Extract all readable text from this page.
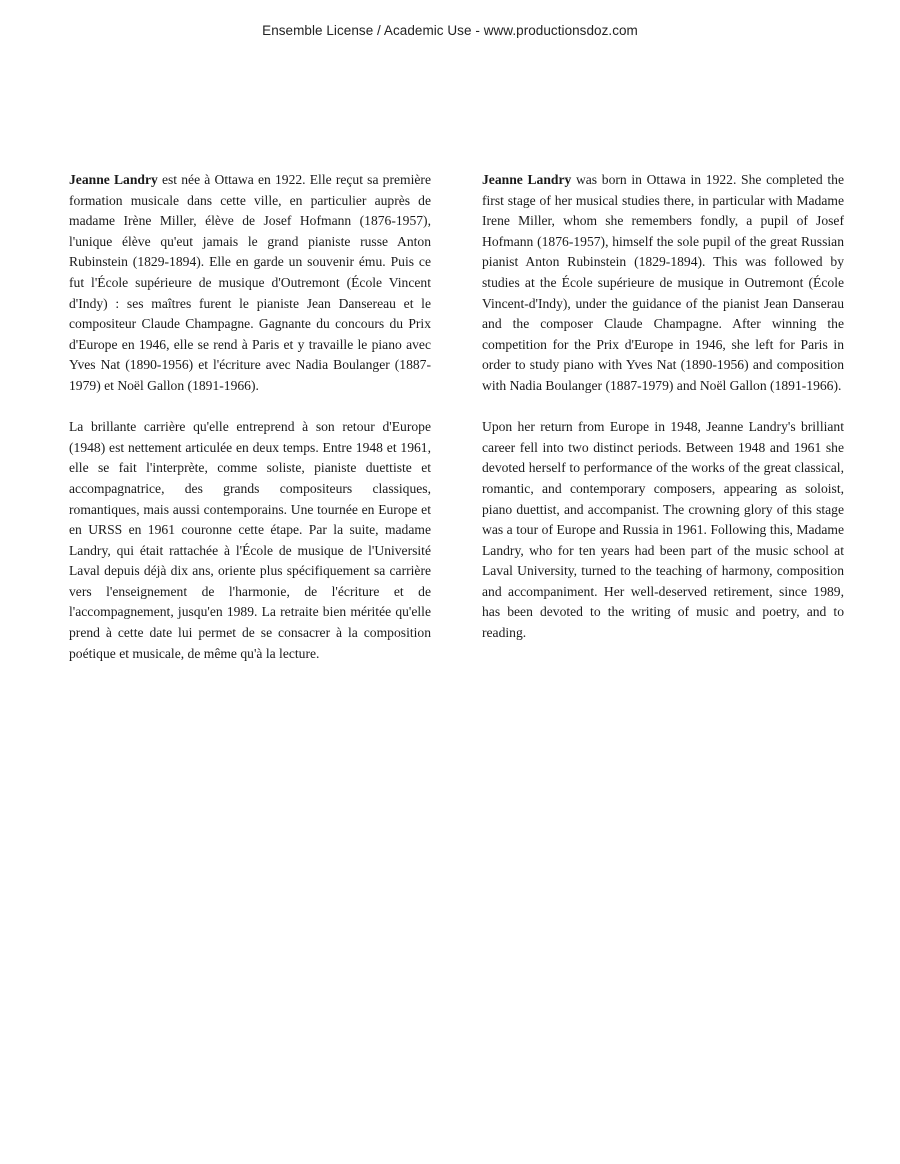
Ensemble License / Academic Use - www.productionsdoz.com

Jeanne Landry est née à Ottawa en 1922. Elle reçut sa première formation musicale dans cette ville, en particulier auprès de madame Irène Miller, élève de Josef Hofmann (1876-1957), l'unique élève qu'eut jamais le grand pianiste russe Anton Rubinstein (1829-1894). Elle en garde un souvenir ému. Puis ce fut l'École supérieure de musique d'Outremont (École Vincent d'Indy) : ses maîtres furent le pianiste Jean Dansereau et le compositeur Claude Champagne. Gagnante du concours du Prix d'Europe en 1946, elle se rend à Paris et y travaille le piano avec Yves Nat (1890-1956) et l'écriture avec Nadia Boulanger (1887-1979) et Noël Gallon (1891-1966).

La brillante carrière qu'elle entreprend à son retour d'Europe (1948) est nettement articulée en deux temps. Entre 1948 et 1961, elle se fait l'interprète, comme soliste, pianiste duettiste et accompagnatrice, des grands compositeurs classiques, romantiques, mais aussi contemporains. Une tournée en Europe et en URSS en 1961 couronne cette étape. Par la suite, madame Landry, qui était rattachée à l'École de musique de l'Université Laval depuis déjà dix ans, oriente plus spécifiquement sa carrière vers l'enseignement de l'harmonie, de l'écriture et de l'accompagnement, jusqu'en 1989. La retraite bien méritée qu'elle prend à cette date lui permet de se consacrer à la composition poétique et musicale, de même qu'à la lecture.

Jeanne Landry was born in Ottawa in 1922. She completed the first stage of her musical studies there, in particular with Madame Irene Miller, whom she remembers fondly, a pupil of Josef Hofmann (1876-1957), himself the sole pupil of the great Russian pianist Anton Rubinstein (1829-1894). This was followed by studies at the École supérieure de musique in Outremont (École Vincent-d'Indy), under the guidance of the pianist Jean Danserau and the composer Claude Champagne. After winning the competition for the Prix d'Europe in 1946, she left for Paris in order to study piano with Yves Nat (1890-1956) and composition with Nadia Boulanger (1887-1979) and Noël Gallon (1891-1966).

Upon her return from Europe in 1948, Jeanne Landry's brilliant career fell into two distinct periods. Between 1948 and 1961 she devoted herself to performance of the works of the great classical, romantic, and contemporary composers, appearing as soloist, piano duettist, and accompanist. The crowning glory of this stage was a tour of Europe and Russia in 1961. Following this, Madame Landry, who for ten years had been part of the music school at Laval University, turned to the teaching of harmony, composition and accompaniment. Her well-deserved retirement, since 1989, has been devoted to the writing of music and poetry, and to reading.
